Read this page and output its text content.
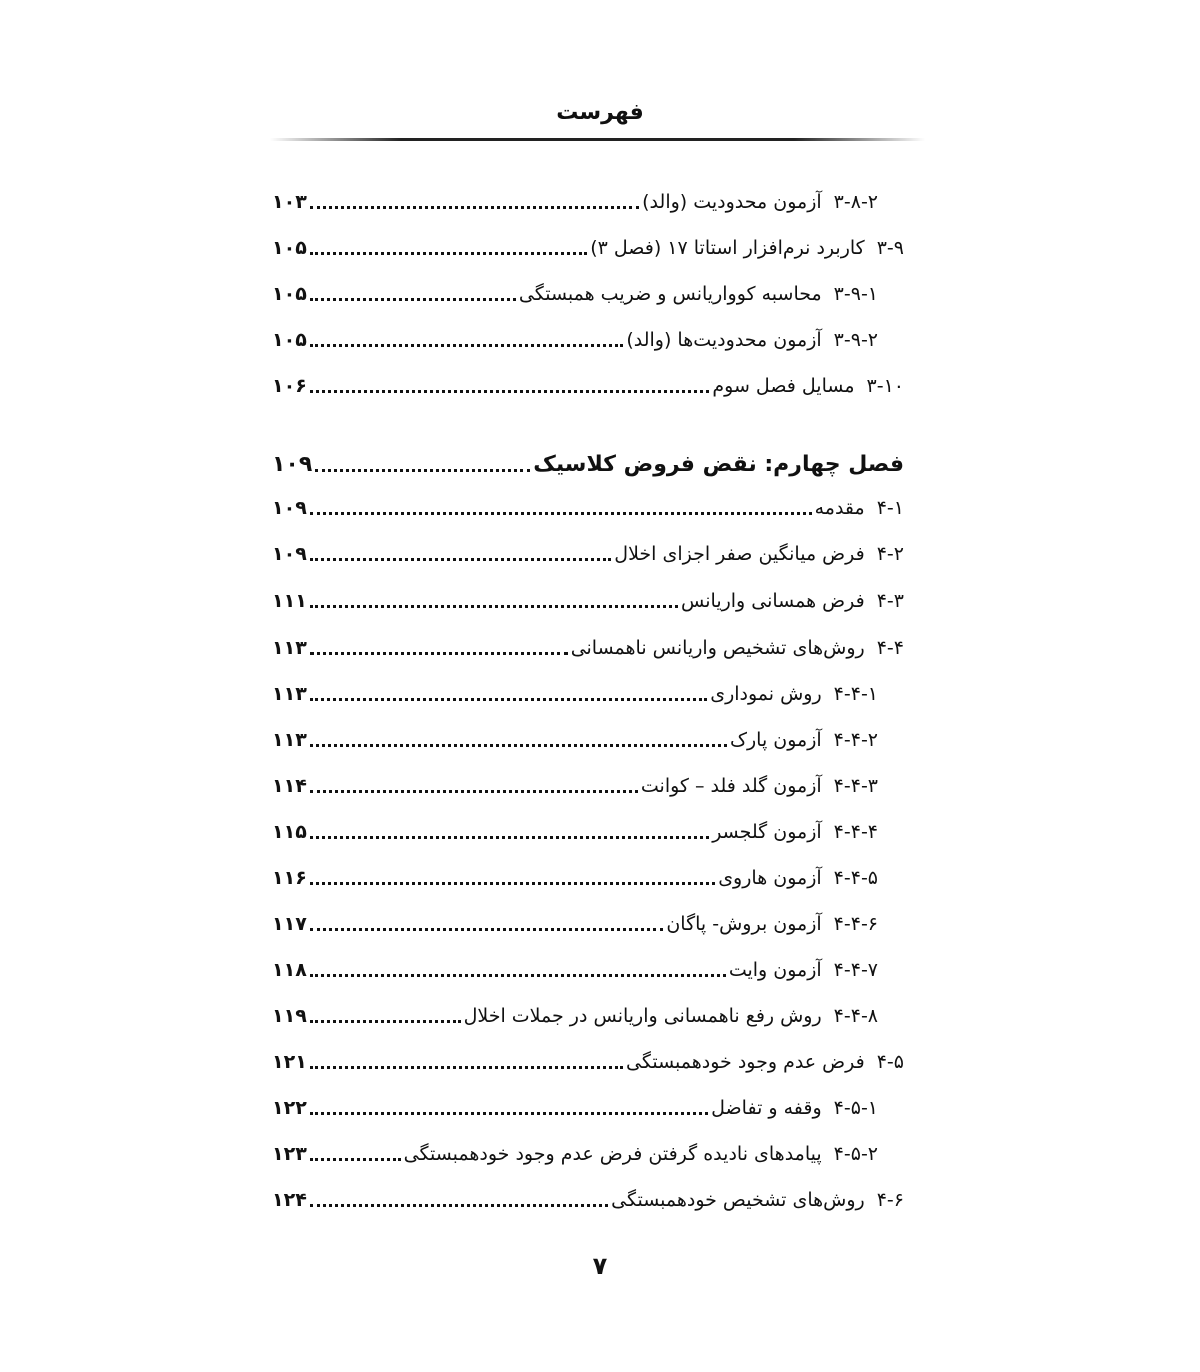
فهرست
۳-۸-۲
آزمون محدودیت (والد)
۱۰۳
۳-۹
کاربرد نرم‌افزار استاتا ۱۷ (فصل ۳)
۱۰۵
۳-۹-۱
محاسبه کوواریانس و ضریب همبستگی
۱۰۵
۳-۹-۲
آزمون محدودیت‌ها (والد)
۱۰۵
۳-۱۰
مسایل فصل سوم
۱۰۶
فصل چهارم: نقض فروض کلاسیک
۱۰۹
۴-۱
مقدمه
۱۰۹
۴-۲
فرض میانگین صفر اجزای اخلال
۱۰۹
۴-۳
فرض همسانی واریانس
۱۱۱
۴-۴
روش‌های تشخیص واریانس ناهمسانی
۱۱۳
۴-۴-۱
روش نموداری
۱۱۳
۴-۴-۲
آزمون پارک
۱۱۳
۴-۴-۳
آزمون گلد فلد – کوانت
۱۱۴
۴-۴-۴
آزمون گلجسر
۱۱۵
۴-۴-۵
آزمون هاروی
۱۱۶
۴-۴-۶
آزمون بروش- پاگان
۱۱۷
۴-۴-۷
آزمون وایت
۱۱۸
۴-۴-۸
روش رفع ناهمسانی واریانس در جملات اخلال
۱۱۹
۴-۵
فرض عدم وجود خودهمبستگی
۱۲۱
۴-۵-۱
وقفه و تفاضل
۱۲۲
۴-۵-۲
پیامدهای نادیده گرفتن فرض عدم وجود خودهمبستگی
۱۲۳
۴-۶
روش‌های تشخیص خودهمبستگی
۱۲۴
۷
